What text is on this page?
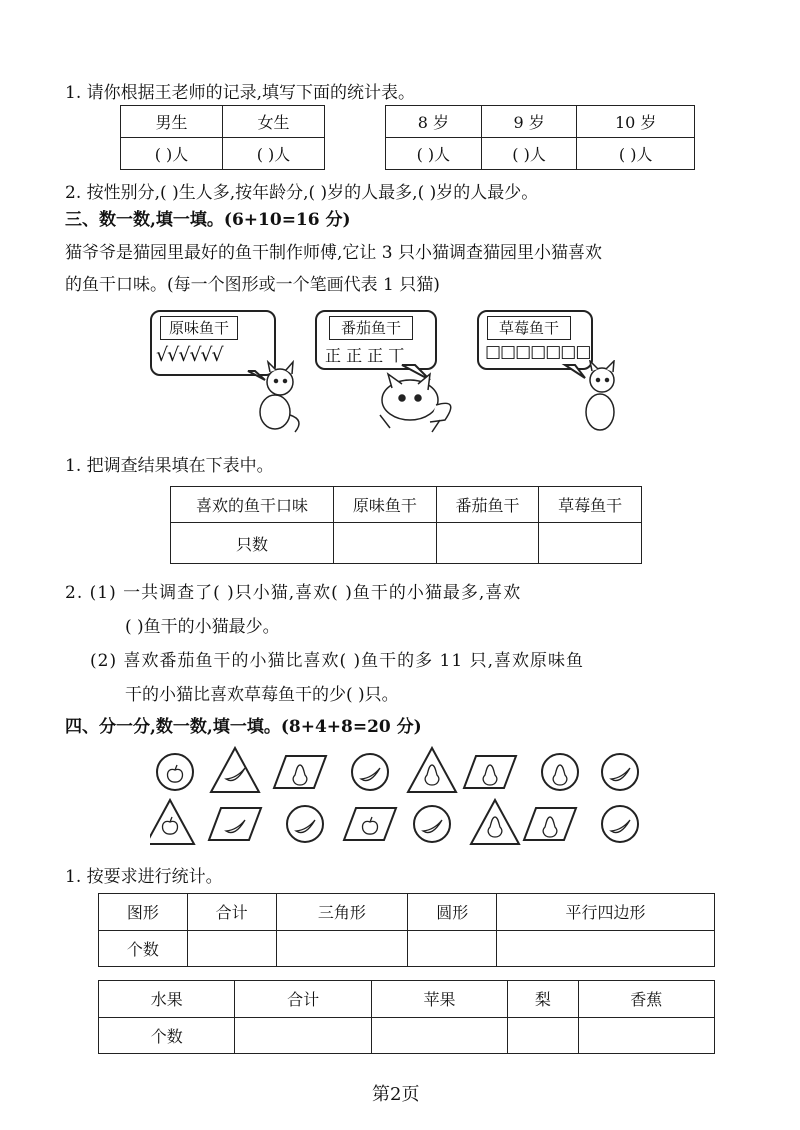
1. 请你根据王老师的记录,填写下面的统计表。
男生	女生
( )人	( )人
8 岁	9 岁	10 岁
( )人	( )人	( )人
2. 按性别分,( )生人多,按年龄分,( )岁的人最多,( )岁的人最少。
三、数一数,填一填。(6+10=16 分)
猫爷爷是猫园里最好的鱼干制作师傅,它让 3 只小猫调查猫园里小猫喜欢
的鱼干口味。(每一个图形或一个笔画代表 1 只猫)
原味鱼干
√√√√√√
番茄鱼干
正 正 正 丅
草莓鱼干
□□□□□□□
1. 把调查结果填在下表中。
喜欢的鱼干口味	原味鱼干	番茄鱼干	草莓鱼干
只数			
2. (1) 一共调查了( )只小猫,喜欢( )鱼干的小猫最多,喜欢
( )鱼干的小猫最少。
(2) 喜欢番茄鱼干的小猫比喜欢( )鱼干的多 11 只,喜欢原味鱼
干的小猫比喜欢草莓鱼干的少( )只。
四、分一分,数一数,填一填。(8+4+8=20 分)
1. 按要求进行统计。
图形	合计	三角形	圆形	平行四边形
个数				
水果	合计	苹果	梨	香蕉
个数				
第2页
